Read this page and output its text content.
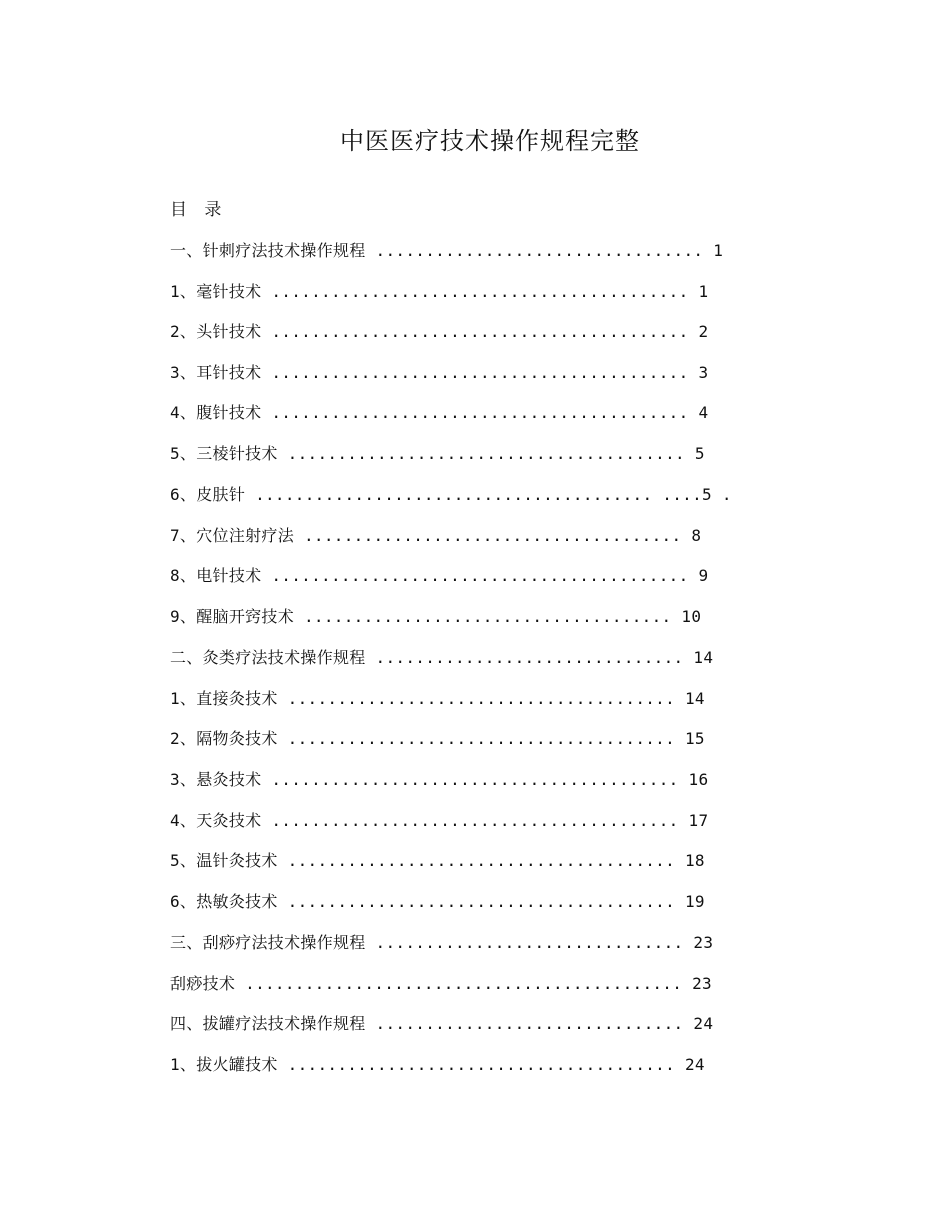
中医医疗技术操作规程完整
目 录
一、针刺疗法技术操作规程 ................................. 1
1、毫针技术 .......................................... 1
2、头针技术 .......................................... 2
3、耳针技术 .......................................... 3
4、腹针技术 .......................................... 4
5、三棱针技术 ........................................ 5
6、皮肤针 ........................................ ....5 .
7、穴位注射疗法 ...................................... 8
8、电针技术 .......................................... 9
9、醒脑开窍技术 ..................................... 10
二、灸类疗法技术操作规程 ............................... 14
1、直接灸技术 ....................................... 14
2、隔物灸技术 ....................................... 15
3、悬灸技术 ......................................... 16
4、天灸技术 ......................................... 17
5、温针灸技术 ....................................... 18
6、热敏灸技术 ....................................... 19
三、刮痧疗法技术操作规程 ............................... 23
刮痧技术 ............................................ 23
四、拔罐疗法技术操作规程 ............................... 24
1、拔火罐技术 ....................................... 24
